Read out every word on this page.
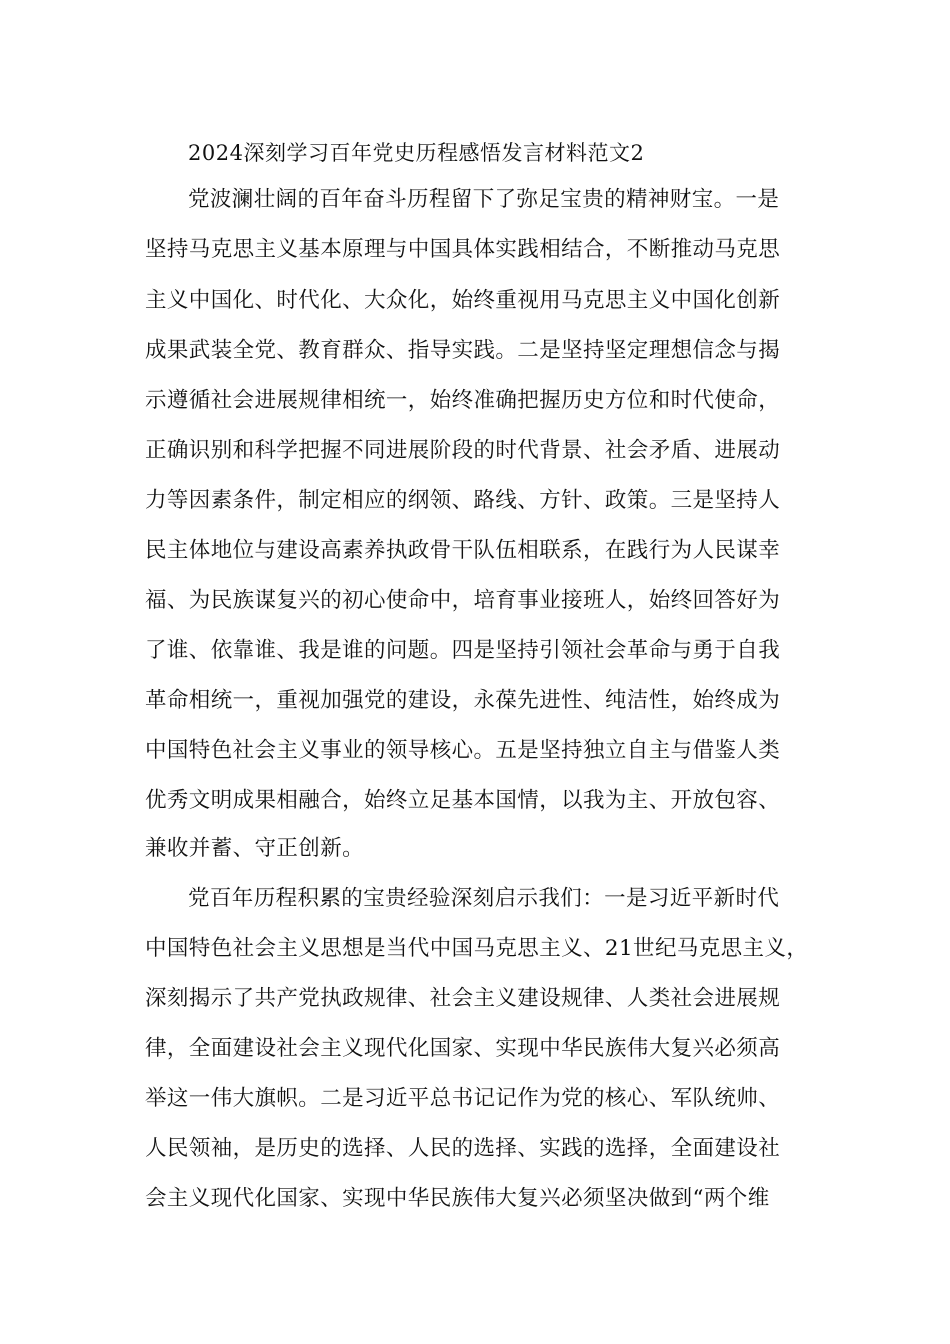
2024深刻学习百年党史历程感悟发言材料范文2
党波澜壮阔的百年奋斗历程留下了弥足宝贵的精神财宝。一是
坚持马克思主义基本原理与中国具体实践相结合，不断推动马克思
主义中国化、时代化、大众化，始终重视用马克思主义中国化创新
成果武装全党、教育群众、指导实践。二是坚持坚定理想信念与揭
示遵循社会进展规律相统一，始终准确把握历史方位和时代使命，
正确识别和科学把握不同进展阶段的时代背景、社会矛盾、进展动
力等因素条件，制定相应的纲领、路线、方针、政策。三是坚持人
民主体地位与建设高素养执政骨干队伍相联系，在践行为人民谋幸
福、为民族谋复兴的初心使命中，培育事业接班人，始终回答好为
了谁、依靠谁、我是谁的问题。四是坚持引领社会革命与勇于自我
革命相统一，重视加强党的建设，永葆先进性、纯洁性，始终成为
中国特色社会主义事业的领导核心。五是坚持独立自主与借鉴人类
优秀文明成果相融合，始终立足基本国情，以我为主、开放包容、
兼收并蓄、守正创新。
党百年历程积累的宝贵经验深刻启示我们：一是习近平新时代
中国特色社会主义思想是当代中国马克思主义、21世纪马克思主义，
深刻揭示了共产党执政规律、社会主义建设规律、人类社会进展规
律，全面建设社会主义现代化国家、实现中华民族伟大复兴必须高
举这一伟大旗帜。二是习近平总书记记作为党的核心、军队统帅、
人民领袖，是历史的选择、人民的选择、实践的选择，全面建设社
会主义现代化国家、实现中华民族伟大复兴必须坚决做到“两个维
